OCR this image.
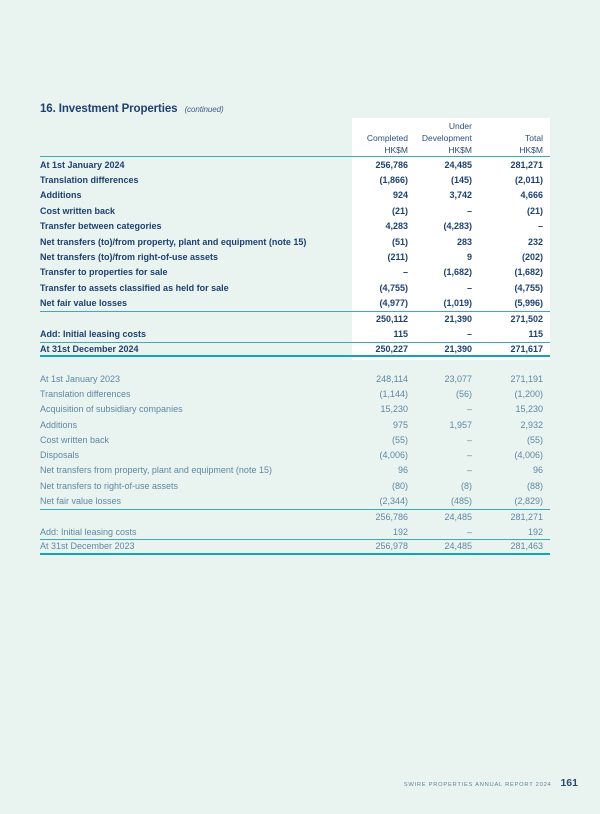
16. Investment Properties (continued)
Completed
HK$M
Under
Development
HK$M
Total
HK$M
At 1st January 2024	256,786	24,485	281,271
Translation differences	(1,866)	(145)	(2,011)
Additions	924	3,742	4,666
Cost written back	(21)	–	(21)
Transfer between categories	4,283	(4,283)	–
Net transfers (to)/from property, plant and equipment (note 15)	(51)	283	232
Net transfers (to)/from right-of-use assets	(211)	9	(202)
Transfer to properties for sale	–	(1,682)	(1,682)
Transfer to assets classified as held for sale	(4,755)	–	(4,755)
Net fair value losses	(4,977)	(1,019)	(5,996)
250,112	21,390	271,502
Add: Initial leasing costs	115	–	115
At 31st December 2024	250,227	21,390	271,617
At 1st January 2023	248,114	23,077	271,191
Translation differences	(1,144)	(56)	(1,200)
Acquisition of subsidiary companies	15,230	–	15,230
Additions	975	1,957	2,932
Cost written back	(55)	–	(55)
Disposals	(4,006)	–	(4,006)
Net transfers from property, plant and equipment (note 15)	96	–	96
Net transfers to right-of-use assets	(80)	(8)	(88)
Net fair value losses	(2,344)	(485)	(2,829)
256,786	24,485	281,271
Add: Initial leasing costs	192	–	192
At 31st December 2023	256,978	24,485	281,463
SWIRE PROPERTIES ANNUAL REPORT 2024 161
